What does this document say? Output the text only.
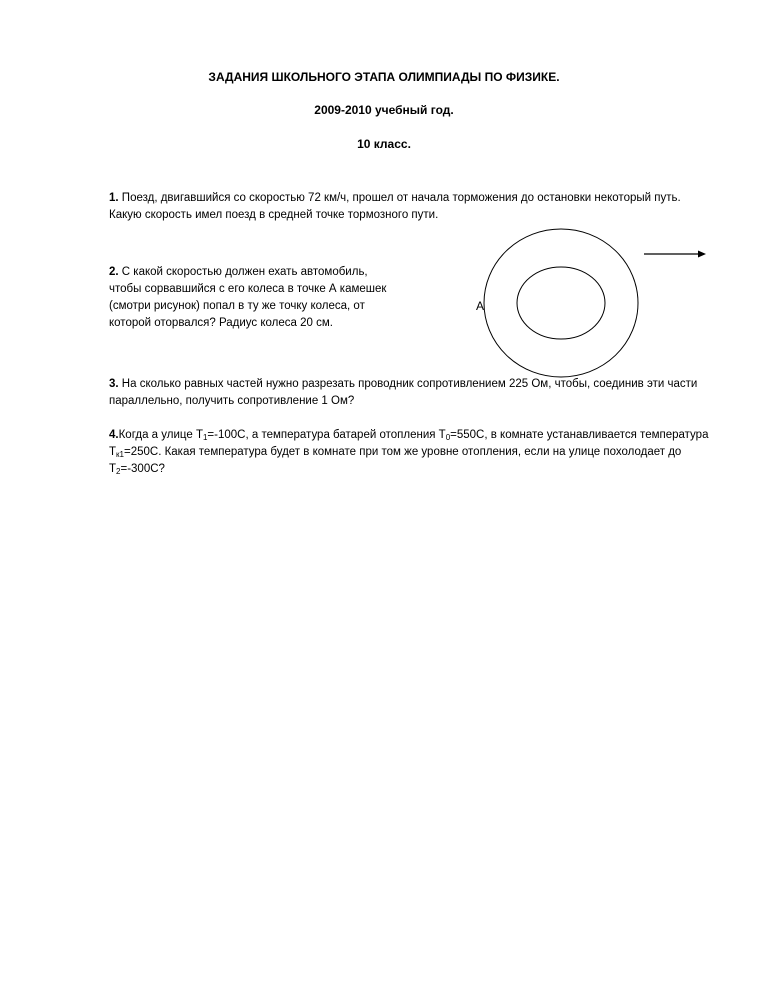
ЗАДАНИЯ ШКОЛЬНОГО ЭТАПА ОЛИМПИАДЫ ПО ФИЗИКЕ.

2009-2010 учебный год.

10 класс.

1. Поезд, двигавшийся со скоростью 72 км/ч, прошел от начала торможения до остановки некоторый путь. Какую скорость имел поезд в средней точке тормозного пути.

2. С какой скоростью должен ехать автомобиль,
чтобы сорвавшийся с его колеса в точке А камешек
(смотри рисунок) попал в ту же точку колеса, от
которой оторвался? Радиус колеса 20 см.

А

3. На сколько равных частей нужно разрезать проводник сопротивлением 225 Ом, чтобы, соединив эти части параллельно, получить сопротивление 1 Ом?

4.Когда а улице $Т_1=-100С$, а температура батарей отопления $Т_0=550С$, в комнате устанавливается температура $Т_{к1}=250С$. Какая температура будет в комнате при том же уровне отопления, если на улице похолодает до $Т_2=-300С$?
